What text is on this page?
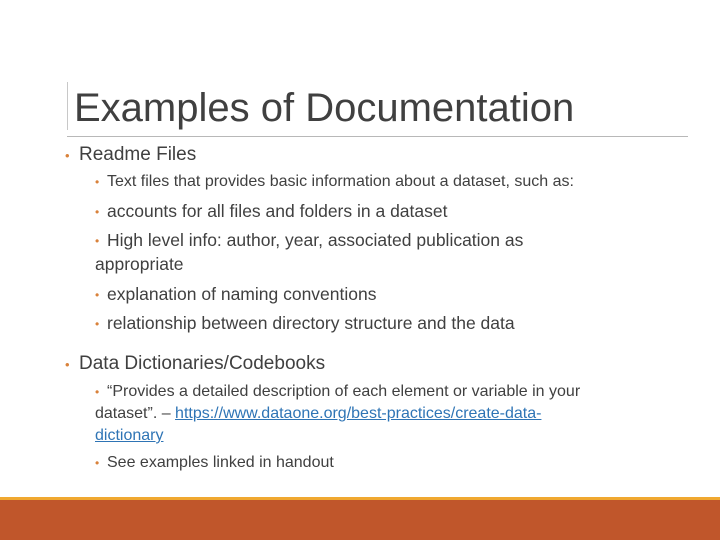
Examples of Documentation
• Readme Files
• Text files that provides basic information about a dataset, such as:
• accounts for all files and folders in a dataset
• High level info: author, year, associated publication as
appropriate
• explanation of naming conventions
• relationship between directory structure and the data
• Data Dictionaries/Codebooks
• “Provides a detailed description of each element or variable in your
dataset”. – https://www.dataone.org/best-practices/create-data-
dictionary
• See examples linked in handout
